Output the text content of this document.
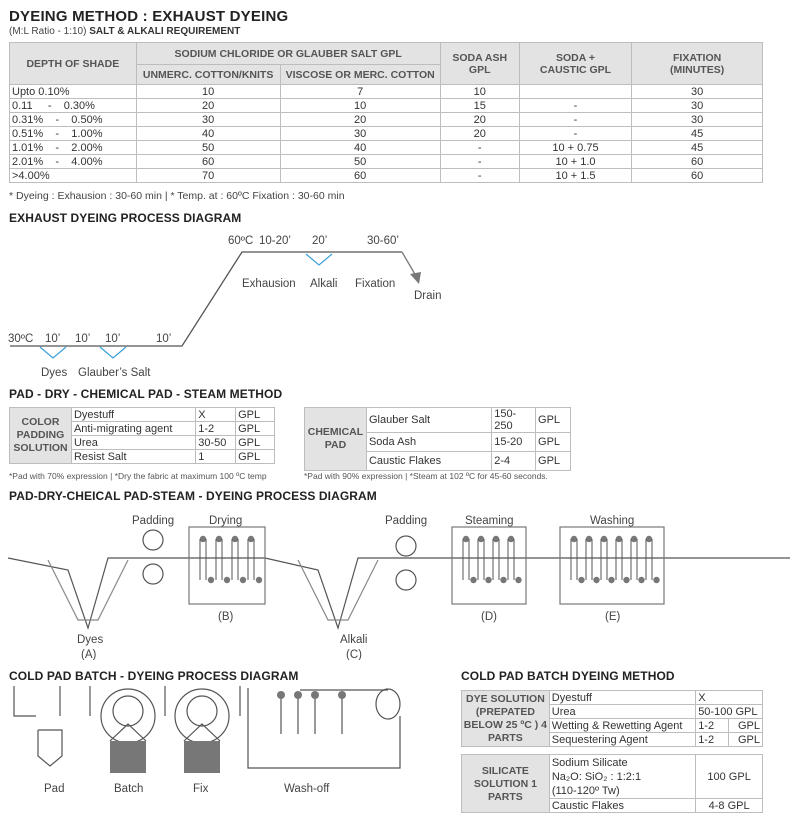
DYEING METHOD : EXHAUST DYEING
(M:L Ratio - 1:10) SALT & ALKALI REQUIREMENT
DEPTH OF SHADE	SODIUM CHLORIDE OR GLAUBER SALT GPL		SODA ASH GPL	SODA + CAUSTIC GPL	FIXATION (MINUTES)
	UNMERC. COTTON/KNITS	VISCOSE OR MERC. COTTON			
Upto 0.10%	10	7	10		30
0.11     -    0.30%	20	10	15	-	30
0.31%    -    0.50%	30	20	20	-	30
0.51%    -    1.00%	40	30	20	-	45
1.01%    -    2.00%	50	40	-	10 + 0.75	45
2.01%    -    4.00%	60	50	-	10 + 1.0	60
>4.00%	70	60	-	10 + 1.5	60
* Dyeing : Exhausion : 30-60 min | * Temp. at : 60ºC Fixation : 30-60 min
EXHAUST DYEING PROCESS DIAGRAM
60ºC 10-20’ 20’	30-60’
Exhausion Alkali Fixation
Drain
30ºC 10’ 10’ 10’	10’
Dyes Glauber’s Salt
PAD - DRY - CHEMICAL PAD - STEAM METHOD
COLOR PADDING SOLUTION	Dyestuff	X	GPL
	Anti-migrating agent	1-2	GPL
	Urea	30-50	GPL
	Resist Salt	1	GPL
*Pad with 70% expression | *Dry the fabric at maximum 100 ºC temp
CHEMICAL PAD	Glauber Salt	150-250	GPL
	Soda Ash	15-20	GPL
	Caustic Flakes	2-4	GPL
*Pad with 90% expression | *Steam at 102 ºC for 45-60 seconds.
PAD-DRY-CHEICAL PAD-STEAM - DYEING PROCESS DIAGRAM
Padding	Drying	Padding	Steaming	Washing
(B)	(D)	(E)
Dyes
(A)
Alkali
(C)
COLD PAD BATCH - DYEING PROCESS DIAGRAM
Pad	Batch	Fix	Wash-off
COLD PAD BATCH DYEING METHOD
DYE SOLUTION (PREPATED BELOW 25 ºC ) 4 PARTS	Dyestuff	X	
	Urea	50-100 GPL	
	Wetting & Rewetting Agent	1-2	GPL
	Sequestering Agent	1-2	GPL
SILICATE SOLUTION 1 PARTS	Sodium Silicate
Na₂O: SiO₂ : 1:2:1
(110-120º Tw)	100 GPL
	Caustic Flakes	4-8 GPL
